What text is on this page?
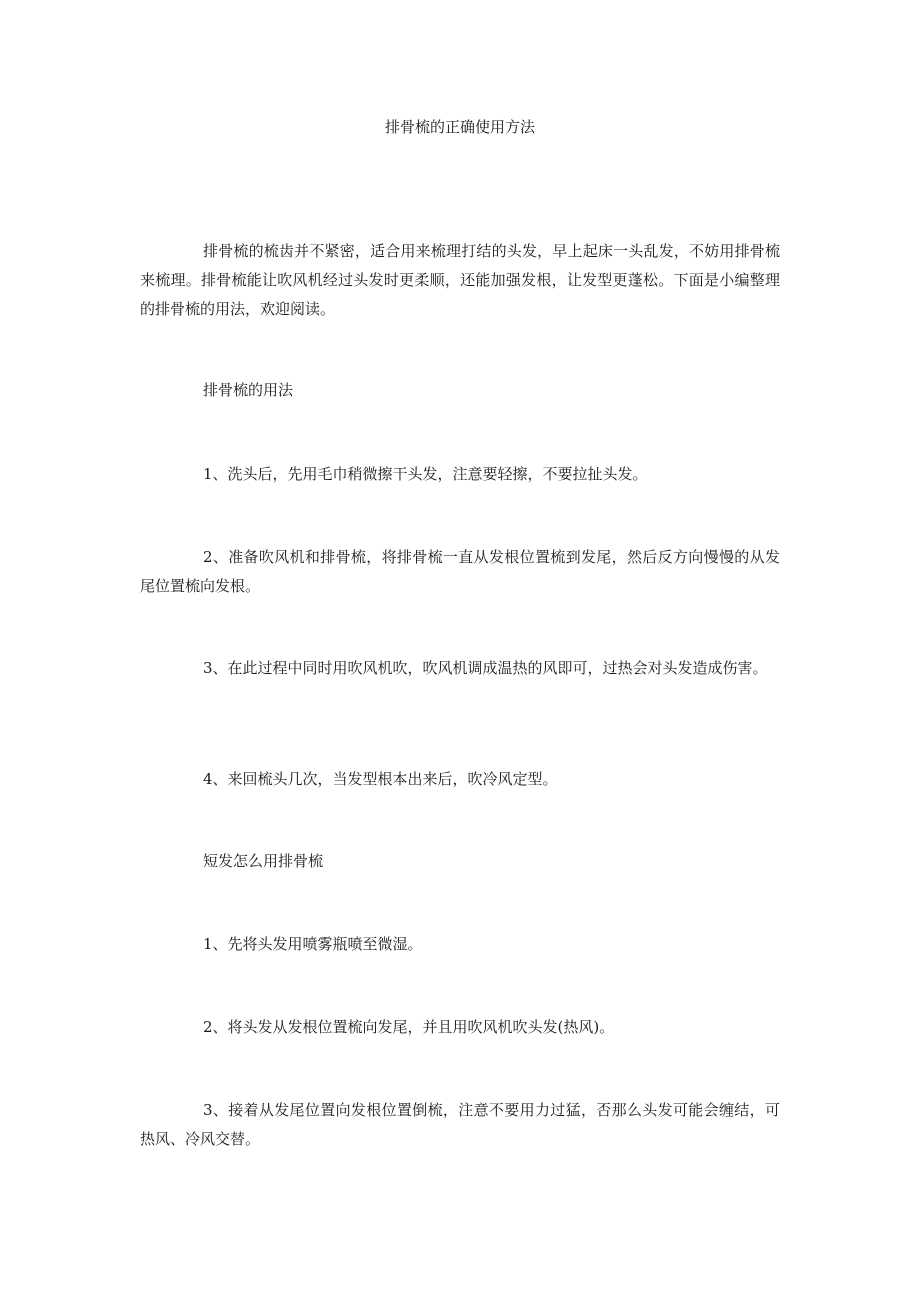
排骨梳的正确使用方法

排骨梳的梳齿并不紧密，适合用来梳理打结的头发，早上起床一头乱发，不妨用排骨梳来梳理。排骨梳能让吹风机经过头发时更柔顺，还能加强发根，让发型更蓬松。下面是小编整理的排骨梳的用法，欢迎阅读。

排骨梳的用法

1、洗头后，先用毛巾稍微擦干头发，注意要轻擦，不要拉扯头发。

2、准备吹风机和排骨梳，将排骨梳一直从发根位置梳到发尾，然后反方向慢慢的从发尾位置梳向发根。

3、在此过程中同时用吹风机吹，吹风机调成温热的风即可，过热会对头发造成伤害。

4、来回梳头几次，当发型根本出来后，吹冷风定型。

短发怎么用排骨梳

1、先将头发用喷雾瓶喷至微湿。

2、将头发从发根位置梳向发尾，并且用吹风机吹头发(热风)。

3、接着从发尾位置向发根位置倒梳，注意不要用力过猛，否那么头发可能会缠结，可热风、冷风交替。
